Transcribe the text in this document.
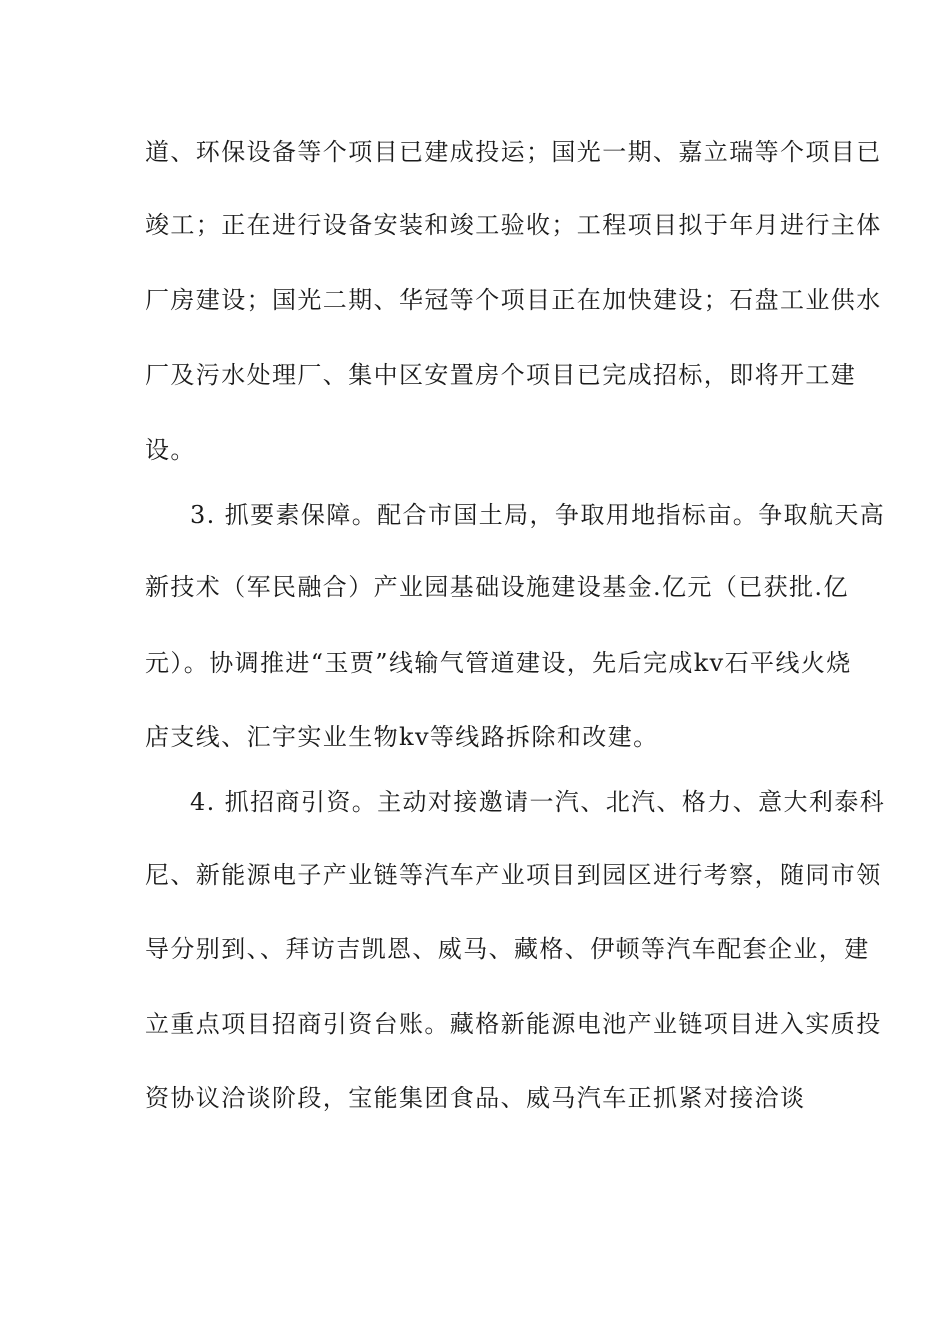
道、环保设备等个项目已建成投运；国光一期、嘉立瑞等个项目已
竣工；正在进行设备安装和竣工验收；工程项目拟于年月进行主体
厂房建设；国光二期、华冠等个项目正在加快建设；石盘工业供水
厂及污水处理厂、集中区安置房个项目已完成招标，即将开工建
设。
3. 抓要素保障。配合市国土局，争取用地指标亩。争取航天高
新技术（军民融合）产业园基础设施建设基金.亿元（已获批.亿
元）。协调推进“玉贾”线输气管道建设，先后完成kv石平线火烧
店支线、汇宇实业生物kv等线路拆除和改建。
4. 抓招商引资。主动对接邀请一汽、北汽、格力、意大利泰科
尼、新能源电子产业链等汽车产业项目到园区进行考察，随同市领
导分别到、、拜访吉凯恩、威马、藏格、伊顿等汽车配套企业，建
立重点项目招商引资台账。藏格新能源电池产业链项目进入实质投
资协议洽谈阶段，宝能集团食品、威马汽车正抓紧对接洽谈
